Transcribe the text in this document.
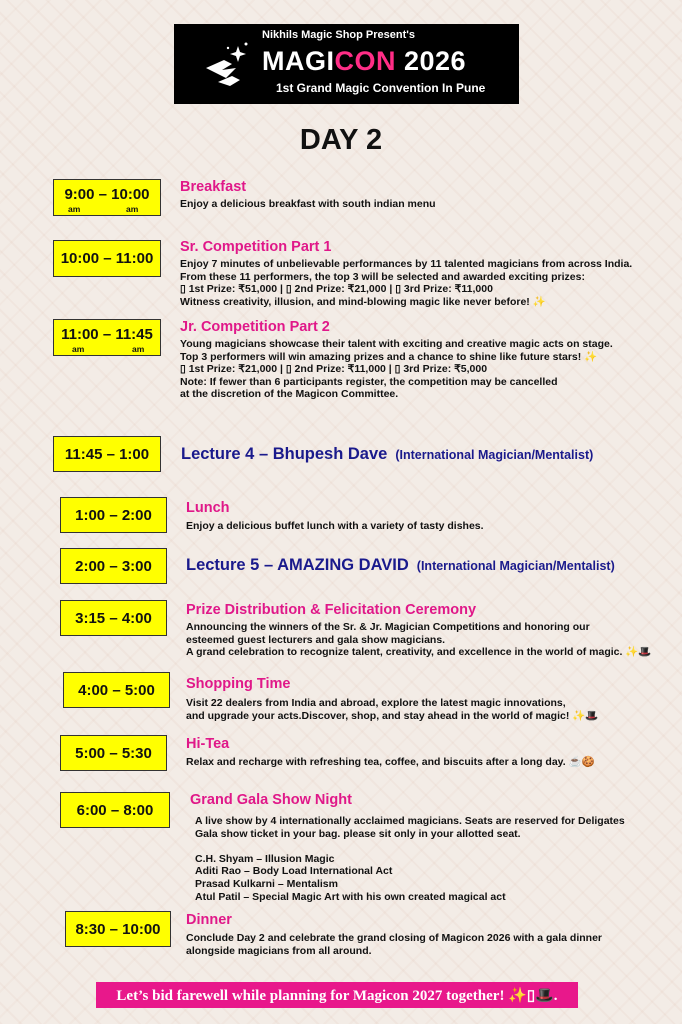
Nikhils Magic Shop Present's
MAGICON 2026
1st Grand Magic Convention In Pune
DAY 2
9:00 – 10:00
am	am
Breakfast
Enjoy a delicious breakfast with south indian menu
10:00 – 11:00
Sr. Competition Part 1
Enjoy 7 minutes of unbelievable performances by 11 talented magicians from across India.
From these 11 performers, the top 3 will be selected and awarded exciting prizes:
▯ 1st Prize: ₹51,000 | ▯ 2nd Prize: ₹21,000 | ▯ 3rd Prize: ₹11,000
Witness creativity, illusion, and mind-blowing magic like never before! ✨
11:00 – 11:45
am	am
Jr. Competition Part 2
Young magicians showcase their talent with exciting and creative magic acts on stage.
Top 3 performers will win amazing prizes and a chance to shine like future stars! ✨
▯ 1st Prize: ₹21,000 | ▯ 2nd Prize: ₹11,000 | ▯ 3rd Prize: ₹5,000
Note: If fewer than 6 participants register, the competition may be cancelled
at the discretion of the Magicon Committee.
11:45 – 1:00 Lecture 4 – Bhupesh Dave (International Magician/Mentalist)
1:00 – 2:00 Lunch
Enjoy a delicious buffet lunch with a variety of tasty dishes.
2:00 – 3:00 Lecture 5 – AMAZING DAVID (International Magician/Mentalist)
3:15 – 4:00 Prize Distribution & Felicitation Ceremony
Announcing the winners of the Sr. & Jr. Magician Competitions and honoring our
esteemed guest lecturers and gala show magicians.
A grand celebration to recognize talent, creativity, and excellence in the world of magic. ✨🎩
4:00 – 5:00 Shopping Time
Visit 22 dealers from India and abroad, explore the latest magic innovations,
and upgrade your acts.Discover, shop, and stay ahead in the world of magic! ✨🎩
5:00 – 5:30
Hi-Tea
Relax and recharge with refreshing tea, coffee, and biscuits after a long day. ☕🍪
6:00 – 8:00
Grand Gala Show Night
A live show by 4 internationally acclaimed magicians. Seats are reserved for Deligates
Gala show ticket in your bag. please sit only in your allotted seat.
C.H. Shyam – Illusion Magic
Aditi Rao – Body Load International Act
Prasad Kulkarni – Mentalism
Atul Patil – Special Magic Art with his own created magical act
8:30 – 10:00
Dinner
Conclude Day 2 and celebrate the grand closing of Magicon 2026 with a gala dinner
alongside magicians from all around.
Let’s bid farewell while planning for Magicon 2027 together! ✨▯🎩.
